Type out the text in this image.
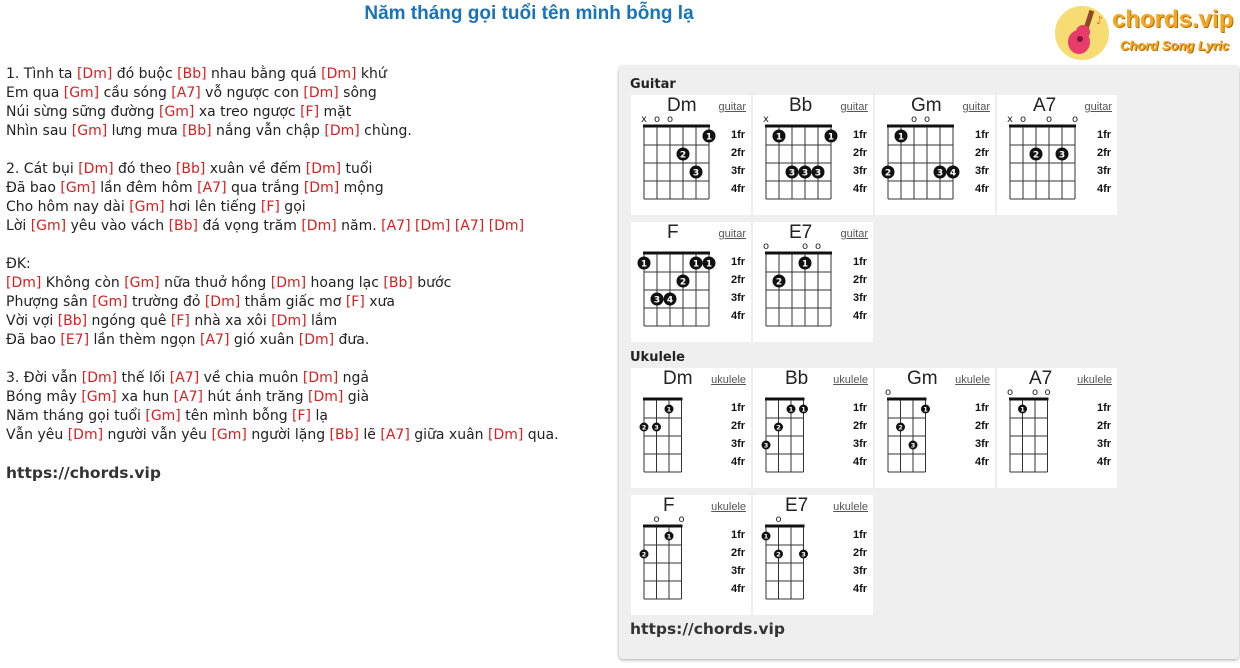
Năm tháng gọi tuổi tên mình bỗng lạ	♪ chords.vip
Chord Song Lyric
1. Tình ta [Dm] đó buộc [Bb] nhau bằng quá [Dm] khứ
Em qua [Gm] cầu sóng [A7] vỗ ngược con [Dm] sông
Núi sừng sững đường [Gm] xa treo ngược [F] mặt
Nhìn sau [Gm] lưng mưa [Bb] nắng vẫn chập [Dm] chùng.
2. Cát bụi [Dm] đó theo [Bb] xuân về đếm [Dm] tuổi
Đã bao [Gm] lần đêm hôm [A7] qua trắng [Dm] mộng
Cho hôm nay dài [Gm] hơi lên tiếng [F] gọi
Lời [Gm] yêu vào vách [Bb] đá vọng trăm [Dm] năm. [A7] [Dm] [A7] [Dm]
ĐK:
[Dm] Không còn [Gm] nữa thuở hồng [Dm] hoang lạc [Bb] bước
Phượng sân [Gm] trường đỏ [Dm] thắm giấc mơ [F] xưa
Vời vợi [Bb] ngóng quê [F] nhà xa xôi [Dm] lắm
Đã bao [E7] lần thèm ngọn [A7] gió xuân [Dm] đưa.
3. Đời vẫn [Dm] thế lối [A7] về chia muôn [Dm] ngả
Bóng mây [Gm] xa hun [A7] hút ánh trăng [Dm] già
Năm tháng gọi tuổi [Gm] tên mình bỗng [F] lạ
Vẫn yêu [Dm] người vẫn yêu [Gm] người lặng [Bb] lẽ [A7] giữa xuân [Dm] qua.
https://chords.vip
Guitar
Ukulele
https://chords.vip
Dm guitar
x o o
1
2
3
1fr
2fr
3fr
4fr
Bb	guitar
x
1	1
3 3 3
1fr
2fr
3fr
4fr
Gm guitar
o o
1
2	3 4
1fr
2fr
3fr
4fr
A7	guitar
x o o o
2 3
1fr
2fr
3fr
4fr
F	guitar
1	1 1
2
3 4
1fr
2fr
3fr
4fr
E7	guitar
o	o o
2
1	1fr
2fr
3fr
4fr
Dm ukulele
1
2 3
1fr
2fr
3fr
4fr
Bb ukulele
1 1
2
3
1fr
2fr
3fr
4fr
Gm ukulele
o
1
2
3
1fr
2fr
3fr
4fr
A7 ukulele
o o o
1	1fr
2fr
3fr
4fr
F	ukulele
o o
1
2
1fr
2fr
3fr
4fr
E7 ukulele
o
1
2	3
1fr
2fr
3fr
4fr
